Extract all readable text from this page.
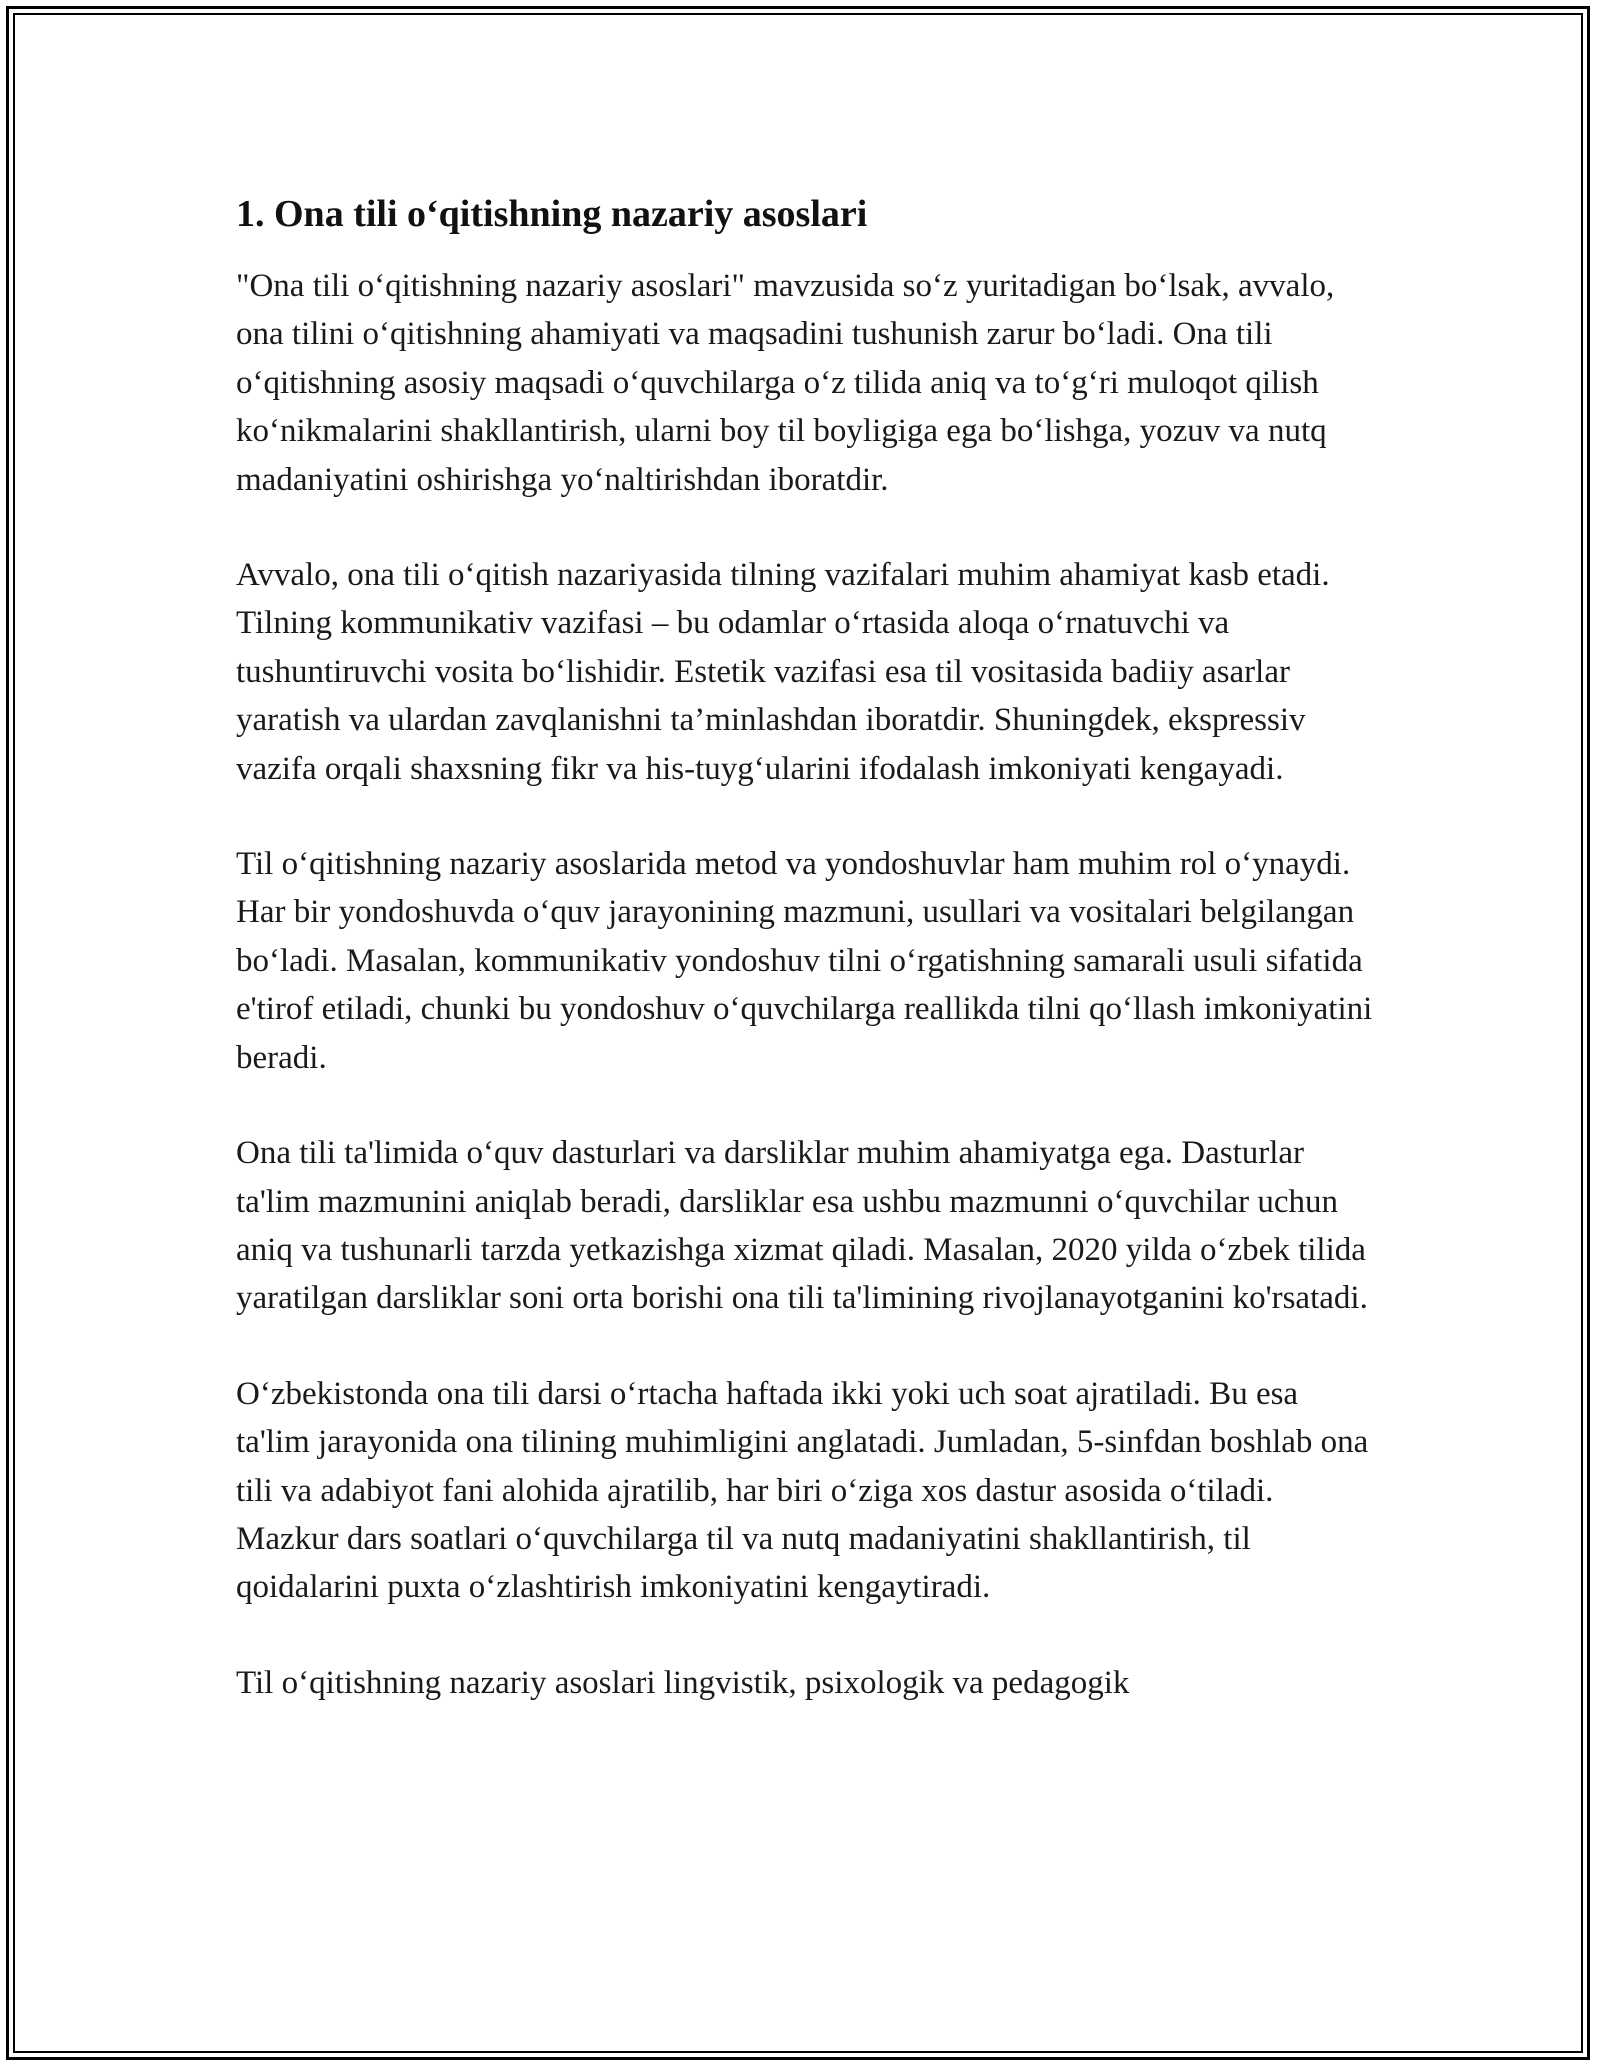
1. Ona tili o‘qitishning nazariy asoslari

"Ona tili o‘qitishning nazariy asoslari" mavzusida so‘z yuritadigan bo‘lsak, avvalo, ona tilini o‘qitishning ahamiyati va maqsadini tushunish zarur bo‘ladi. Ona tili o‘qitishning asosiy maqsadi o‘quvchilarga o‘z tilida aniq va to‘g‘ri muloqot qilish ko‘nikmalarini shakllantirish, ularni boy til boyligiga ega bo‘lishga, yozuv va nutq madaniyatini oshirishga yo‘naltirishdan iboratdir.

Avvalo, ona tili o‘qitish nazariyasida tilning vazifalari muhim ahamiyat kasb etadi. Tilning kommunikativ vazifasi – bu odamlar o‘rtasida aloqa o‘rnatuvchi va tushuntiruvchi vosita bo‘lishidir. Estetik vazifasi esa til vositasida badiiy asarlar yaratish va ulardan zavqlanishni ta’minlashdan iboratdir. Shuningdek, ekspressiv vazifa orqali shaxsning fikr va his-tuyg‘ularini ifodalash imkoniyati kengayadi.

Til o‘qitishning nazariy asoslarida metod va yondoshuvlar ham muhim rol o‘ynaydi. Har bir yondoshuvda o‘quv jarayonining mazmuni, usullari va vositalari belgilangan bo‘ladi. Masalan, kommunikativ yondoshuv tilni o‘rgatishning samarali usuli sifatida e'tirof etiladi, chunki bu yondoshuv o‘quvchilarga reallikda tilni qo‘llash imkoniyatini beradi.

Ona tili ta'limida o‘quv dasturlari va darsliklar muhim ahamiyatga ega. Dasturlar ta'lim mazmunini aniqlab beradi, darsliklar esa ushbu mazmunni o‘quvchilar uchun aniq va tushunarli tarzda yetkazishga xizmat qiladi. Masalan, 2020 yilda o‘zbek tilida yaratilgan darsliklar soni orta borishi ona tili ta'limining rivojlanayotganini ko'rsatadi.

O‘zbekistonda ona tili darsi o‘rtacha haftada ikki yoki uch soat ajratiladi. Bu esa ta'lim jarayonida ona tilining muhimligini anglatadi. Jumladan, 5-sinfdan boshlab ona tili va adabiyot fani alohida ajratilib, har biri o‘ziga xos dastur asosida o‘tiladi. Mazkur dars soatlari o‘quvchilarga til va nutq madaniyatini shakllantirish, til qoidalarini puxta o‘zlashtirish imkoniyatini kengaytiradi.

Til o‘qitishning nazariy asoslari lingvistik, psixologik va pedagogik
